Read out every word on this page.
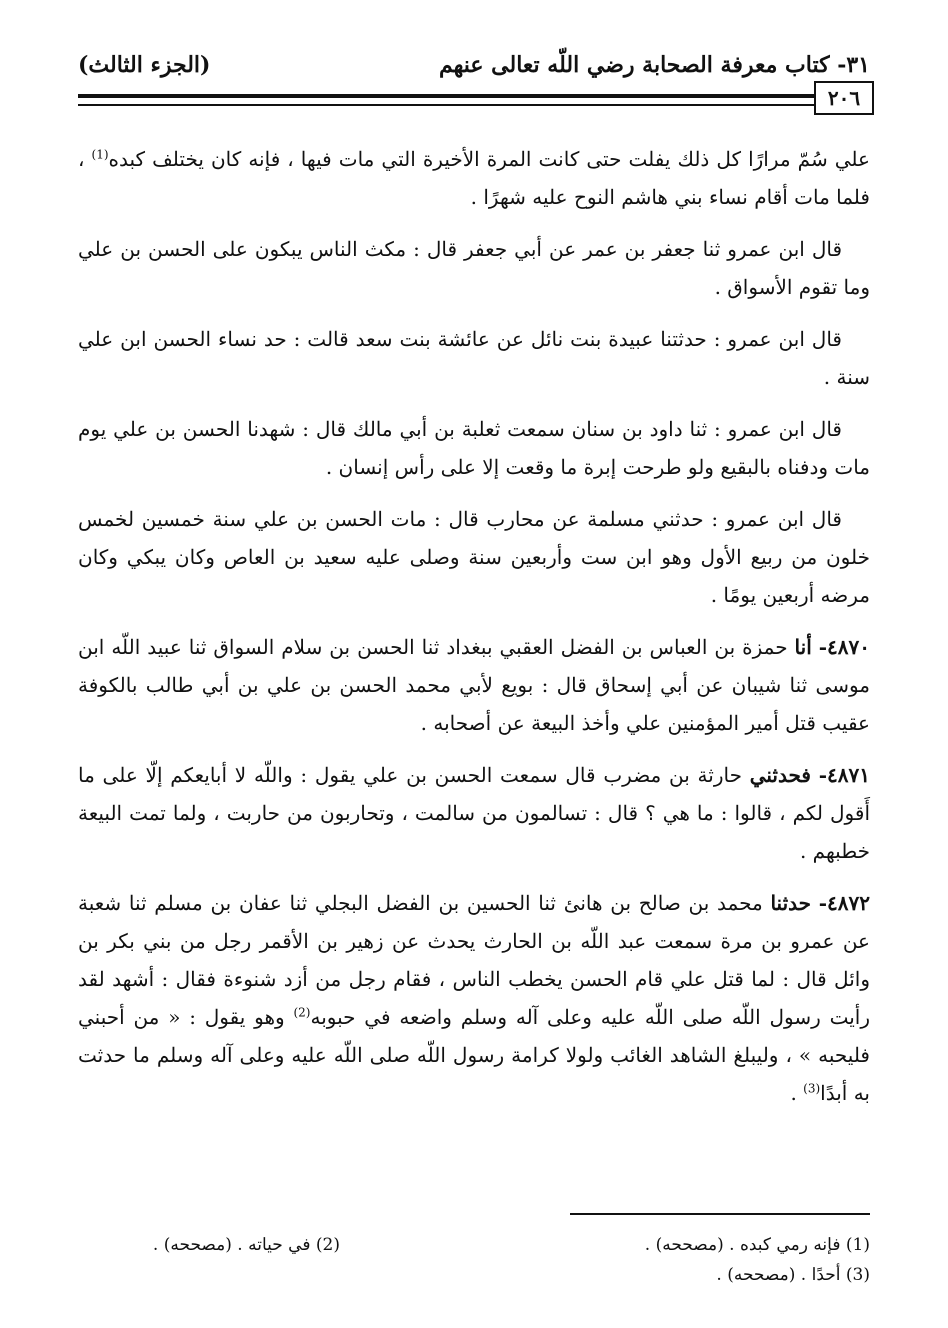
٣١- كتاب معرفة الصحابة رضي اللّه تعالى عنهم
(الجزء الثالث)
٢٠٦

علي سُمّ مرارًا كل ذلك يفلت حتى كانت المرة الأخيرة التي مات فيها ، فإنه كان يختلف كبده$^{(1)}$ ، فلما مات أقام نساء بني هاشم النوح عليه شهرًا .

قال ابن عمرو ثنا جعفر بن عمر عن أبي جعفر قال : مكث الناس يبكون على الحسن بن علي وما تقوم الأسواق .

قال ابن عمرو : حدثتنا عبيدة بنت نائل عن عائشة بنت سعد قالت : حد نساء الحسن ابن علي سنة .

قال ابن عمرو : ثنا داود بن سنان سمعت ثعلبة بن أبي مالك قال : شهدنا الحسن بن علي يوم مات ودفناه بالبقيع ولو طرحت إبرة ما وقعت إلا على رأس إنسان .

قال ابن عمرو : حدثني مسلمة عن محارب قال : مات الحسن بن علي سنة خمسين لخمس خلون من ربيع الأول وهو ابن ست وأربعين سنة وصلى عليه سعيد بن العاص وكان يبكي وكان مرضه أربعين يومًا .

٤٨٧٠- أنا حمزة بن العباس بن الفضل العقبي ببغداد ثنا الحسن بن سلام السواق ثنا عبيد اللّه ابن موسى ثنا شيبان عن أبي إسحاق قال : بويع لأبي محمد الحسن بن علي بن أبي طالب بالكوفة عقيب قتل أمير المؤمنين علي وأخذ البيعة عن أصحابه .

٤٨٧١- فحدثني حارثة بن مضرب قال سمعت الحسن بن علي يقول : واللّه لا أبايعكم إلّا على ما أَقول لكم ، قالوا : ما هي ؟ قال : تسالمون من سالمت ، وتحاربون من حاربت ، ولما تمت البيعة خطبهم .

٤٨٧٢- حدثنا محمد بن صالح بن هانئ ثنا الحسين بن الفضل البجلي ثنا عفان بن مسلم ثنا شعبة عن عمرو بن مرة سمعت عبد اللّه بن الحارث يحدث عن زهير بن الأقمر رجل من بني بكر بن وائل قال : لما قتل علي قام الحسن يخطب الناس ، فقام رجل من أزد شنوءة فقال : أشهد لقد رأيت رسول اللّه صلى اللّه عليه وعلى آله وسلم واضعه في حبوبه$^{(2)}$ وهو يقول : « من أحبني فليحبه » ، وليبلغ الشاهد الغائب ولولا كرامة رسول اللّه صلى اللّه عليه وعلى آله وسلم ما حدثت به أبدًا$^{(3)}$ .

(1) فإنه رمي كبده . (مصححه) .
(2) في حياته . (مصححه) .
(3) أحدًا . (مصححه) .
